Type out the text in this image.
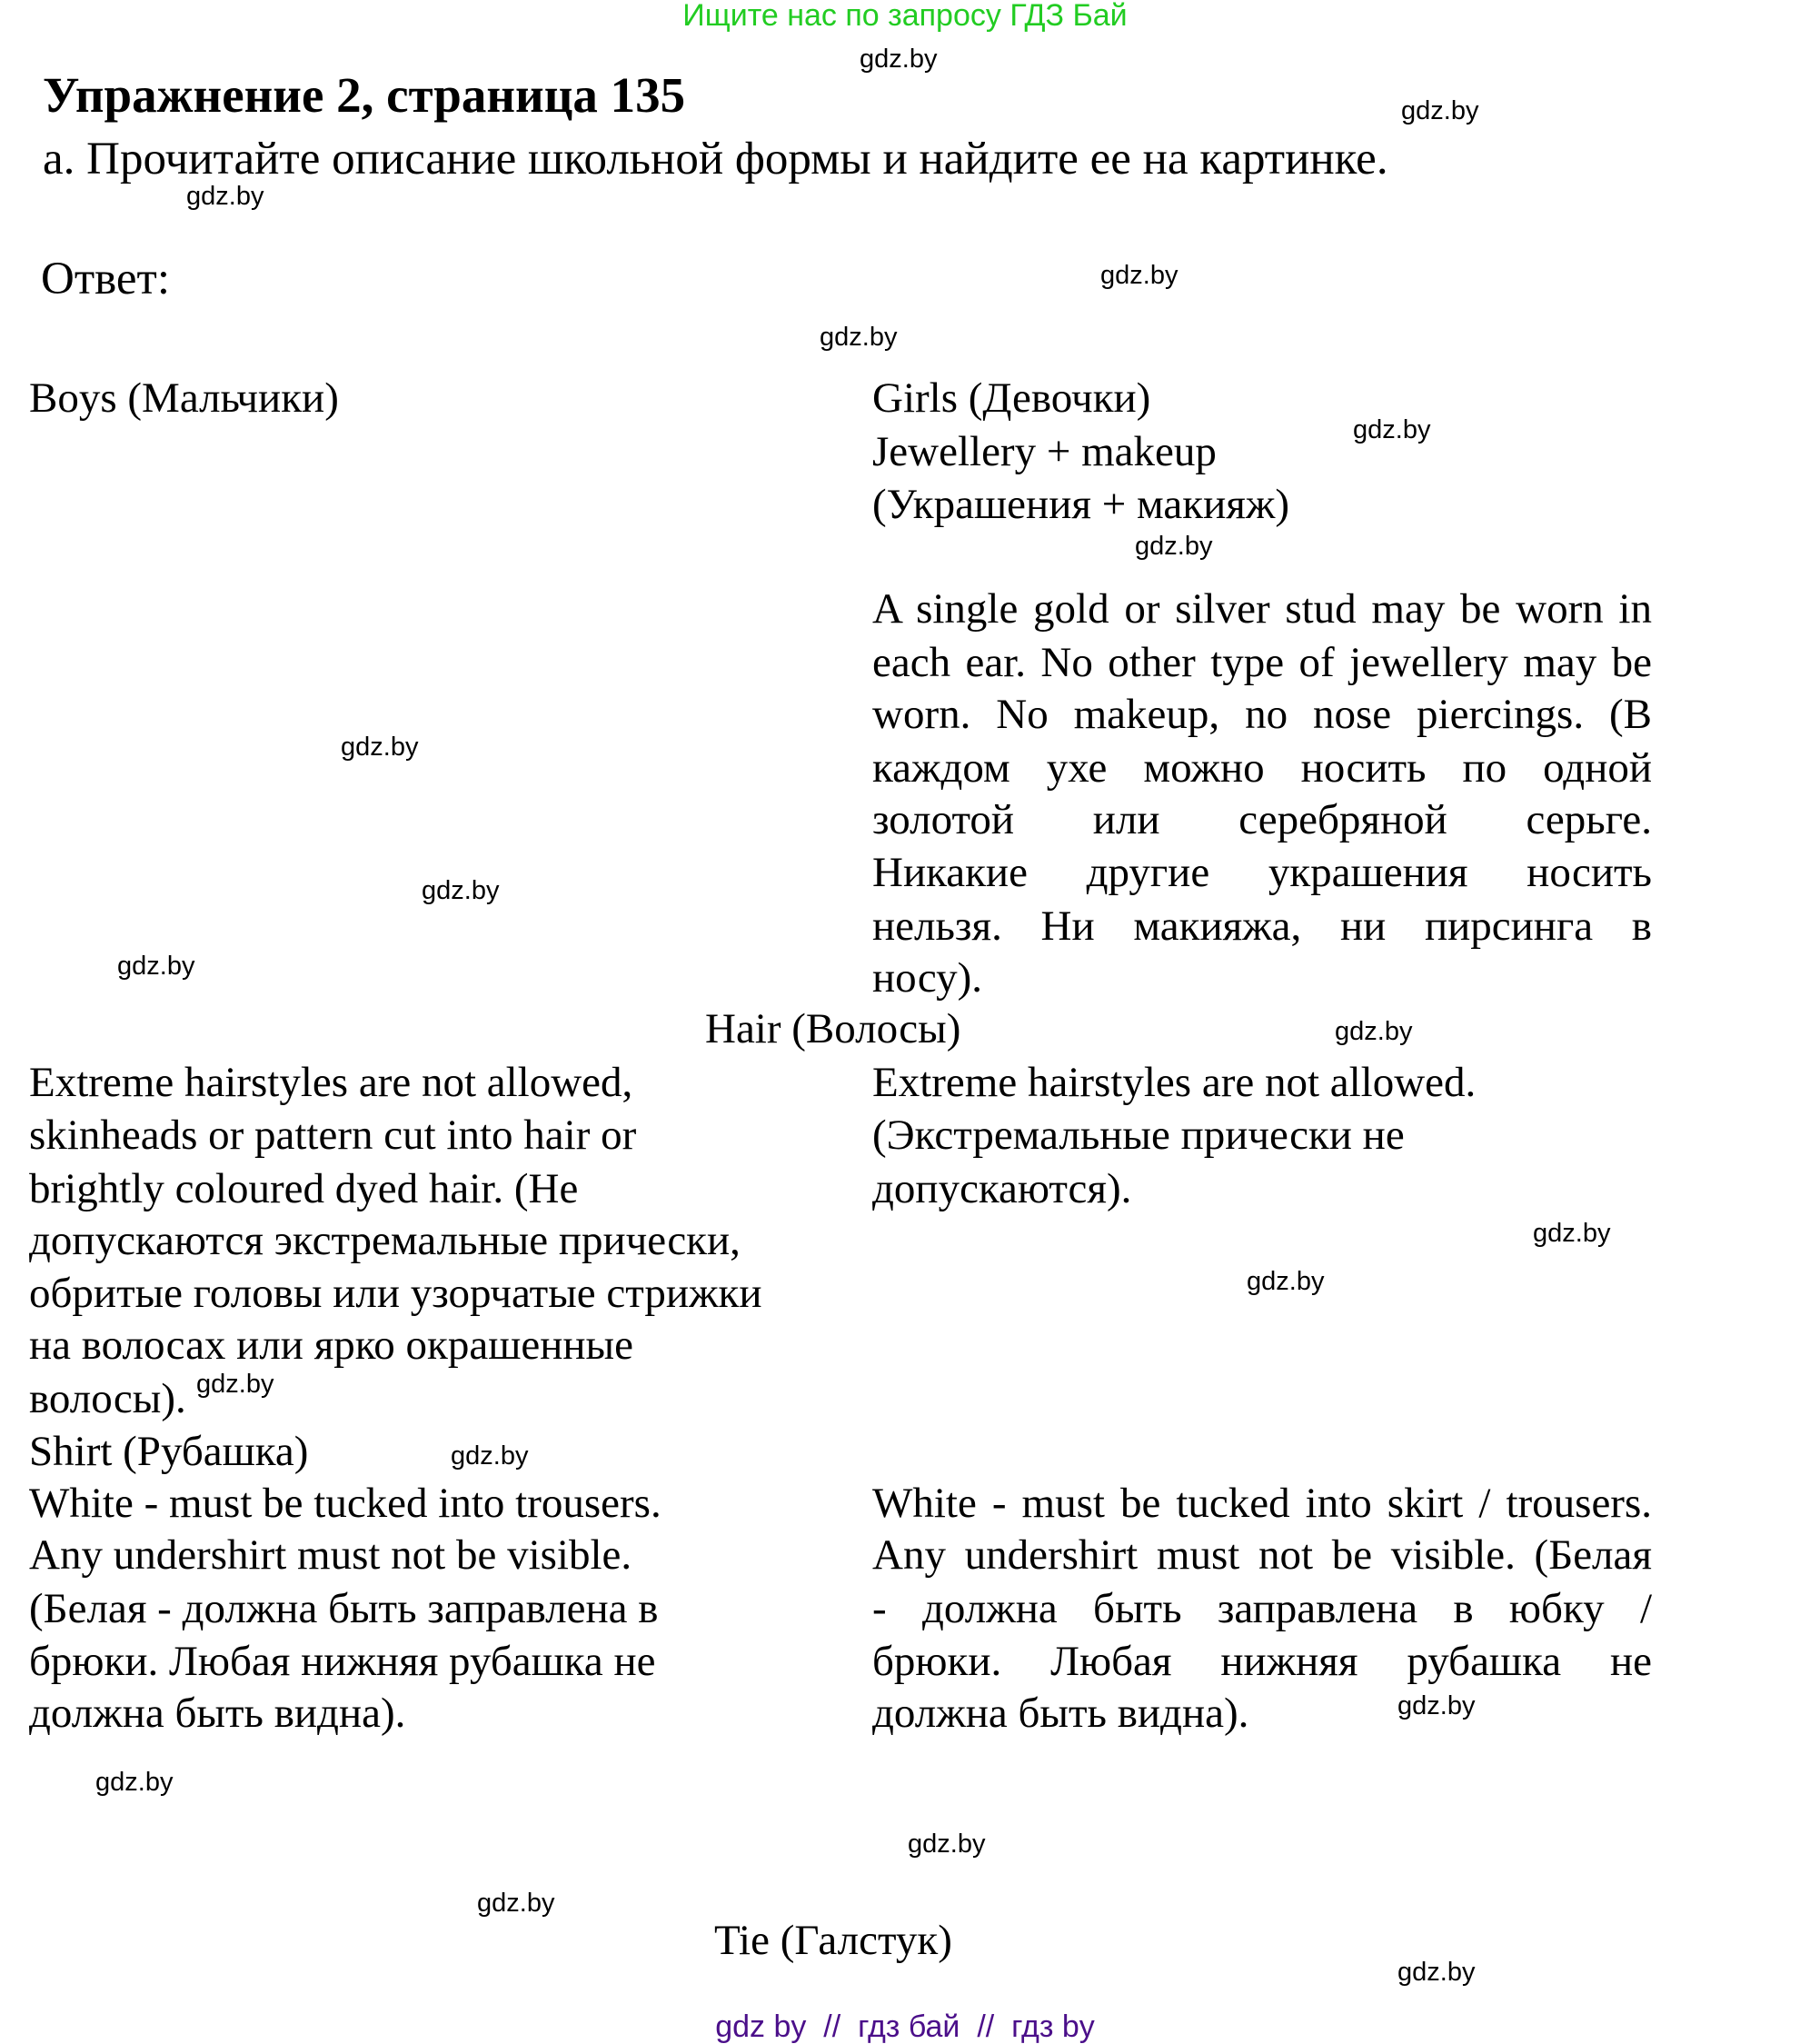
Ищите нас по запросу ГДЗ Бай
Упражнение 2, страница 135
а. Прочитайте описание школьной формы и найдите ее на картинке.
Ответ:
Boys (Мальчики)	Girls (Девочки)
Jewellery + makeup
(Украшения + макияж)
A single gold or silver stud may be worn in
each ear. No other type of jewellery may be
worn. No makeup, no nose piercings. (В
каждом ухе можно носить по одной
золотой или серебряной серьге.
Никакие другие украшения носить
нельзя. Ни макияжа, ни пирсинга в
носу).
Hair (Волосы)
Extreme hairstyles are not allowed,
skinheads or pattern cut into hair or
brightly coloured dyed hair. (Не
допускаются экстремальные прически,
обритые головы или узорчатые стрижки
на волосах или ярко окрашенные
волосы).
Extreme hairstyles are not allowed.
(Экстремальные прически не
допускаются).
Shirt (Рубашка)
White - must be tucked into trousers.
Any undershirt must not be visible.
(Белая - должна быть заправлена в
брюки. Любая нижняя рубашка не
должна быть видна).
White - must be tucked into skirt / trousers.
Any undershirt must not be visible. (Белая
- должна быть заправлена в юбку /
брюки. Любая нижняя рубашка не
должна быть видна).
Tie (Галстук)
gdz by  //  гдз бай  //  гдз by
gdz.by
gdz.by
gdz.by
gdz.by
gdz.by
gdz.by
gdz.by
gdz.by
gdz.by
gdz.by
gdz.by
gdz.by
gdz.by
gdz.by
gdz.by
gdz.by
gdz.by
gdz.by
gdz.by
gdz.by
